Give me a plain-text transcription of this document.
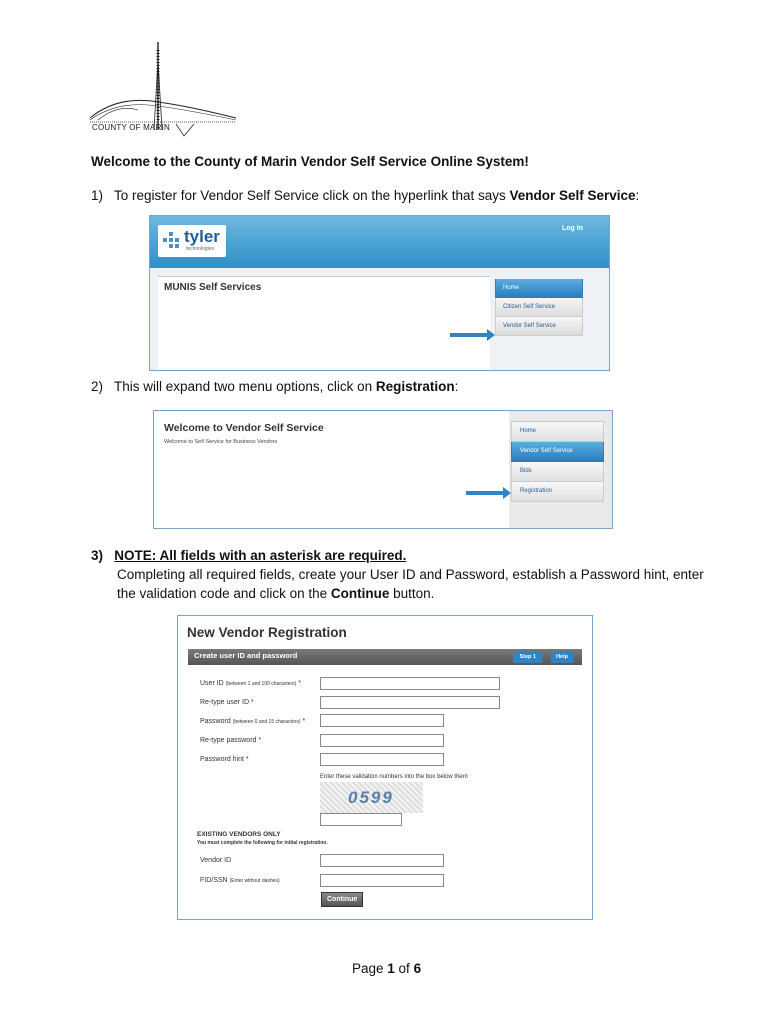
COUNTY OF MARIN
Welcome to the County of Marin Vendor Self Service Online System!
1) To register for Vendor Self Service click on the hyperlink that says Vendor Self Service:
tyler
technologies
Log In
MUNIS Self Services	Home
Citizen Self Service
Vendor Self Service
2) This will expand two menu options, click on Registration:
Welcome to Vendor Self Service
Welcome to Self Service for Business Vendors
Home
Vendor Self Service
Bids
Registration
3) NOTE: All fields with an asterisk are required.
Completing all required fields, create your User ID and Password, establish a Password hint, enter
the validation code and click on the Continue button.
New Vendor Registration
Create user ID and password	Step 1	Help
User ID (between 1 and 100 characters) *
Re-type user ID *
Password (between 0 and 15 characters) *
Re-type password *
Password hint *
Enter these validation numbers into the box below them
0599
EXISTING VENDORS ONLY
You must complete the following for initial registration.
Vendor ID
FID/SSN (Enter without dashes)
Continue
Page 1 of 6
